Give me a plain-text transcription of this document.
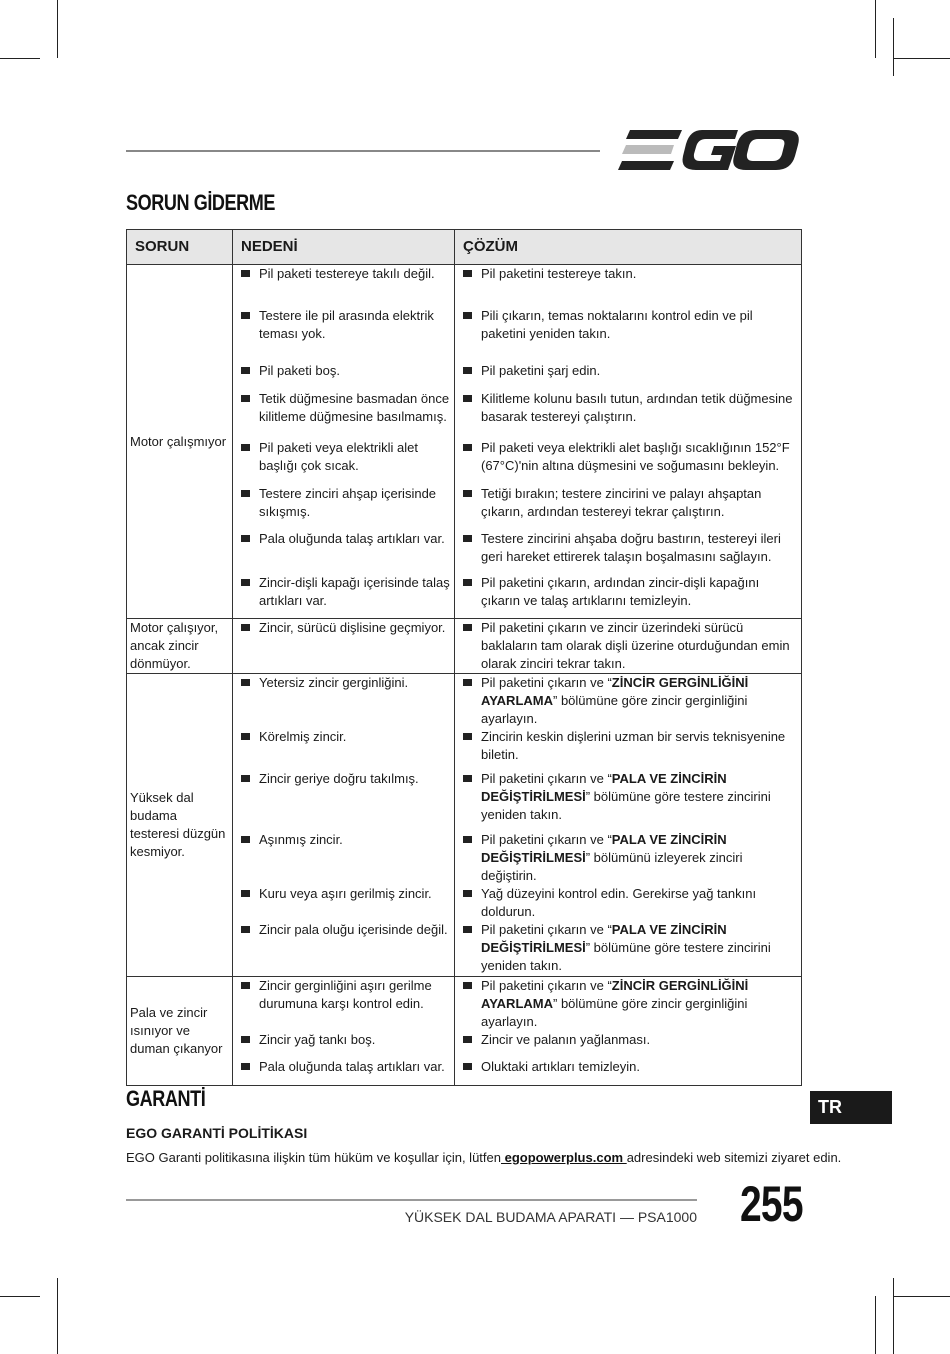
SORUN GİDERME
SORUN	NEDENİ	ÇÖZÜM
Motor çalışmıyor	Pil paketi testereye takılı değil.	Pil paketini testereye takın.

	Testere ile pil arasında elektrik teması yok.	Pili çıkarın, temas noktalarını kontrol edin ve pil paketini yeniden takın.

	Pil paketi boş.	Pil paketini şarj edin.

	Tetik düğmesine basmadan önce kilitleme düğmesine basılmamış.	Kilitleme kolunu basılı tutun, ardından tetik düğmesine basarak testereyi çalıştırın.

	Pil paketi veya elektrikli alet başlığı çok sıcak.	Pil paketi veya elektrikli alet başlığı sıcaklığının 152°F (67°C)'nin altına düşmesini ve soğumasını bekleyin.

	Testere zinciri ahşap içerisinde sıkışmış.	Tetiği bırakın; testere zincirini ve palayı ahşaptan çıkarın, ardından testereyi tekrar çalıştırın.

	Pala oluğunda talaş artıkları var.	Testere zincirini ahşaba doğru bastırın, testereyi ileri geri hareket ettirerek talaşın boşalmasını sağlayın.

	Zincir-dişli kapağı içerisinde talaş artıkları var.	Pil paketini çıkarın, ardından zincir-dişli kapağını çıkarın ve talaş artıklarını temizleyin.

Motor çalışıyor, ancak zincir dönmüyor.	Zincir, sürücü dişlisine geçmiyor.	Pil paketini çıkarın ve zincir üzerindeki sürücü baklaların tam olarak dişli üzerine oturduğundan emin olarak zinciri tekrar takın.

Yüksek dal budama testeresi düzgün kesmiyor.	Yetersiz zincir gerginliğini.	Pil paketini çıkarın ve “ZİNCİR GERGİNLİĞİNİ AYARLAMA” bölümüne göre zincir gerginliğini ayarlayın.

	Körelmiş zincir.	Zincirin keskin dişlerini uzman bir servis teknisyenine biletin.

	Zincir geriye doğru takılmış.	Pil paketini çıkarın ve “PALA VE ZİNCİRİN DEĞİŞTİRİLMESİ” bölümüne göre testere zincirini yeniden takın.

	Aşınmış zincir.	Pil paketini çıkarın ve “PALA VE ZİNCİRİN DEĞİŞTİRİLMESİ” bölümünü izleyerek zinciri değiştirin.

	Kuru veya aşırı gerilmiş zincir.	Yağ düzeyini kontrol edin. Gerekirse yağ tankını doldurun.

	Zincir pala oluğu içerisinde değil.	Pil paketini çıkarın ve “PALA VE ZİNCİRİN DEĞİŞTİRİLMESİ” bölümüne göre testere zincirini yeniden takın.

Pala ve zincir ısınıyor ve duman çıkanyor	Zincir gerginliğini aşırı gerilme durumuna karşı kontrol edin.	Pil paketini çıkarın ve “ZİNCİR GERGİNLİĞİNİ AYARLAMA” bölümüne göre zincir gerginliğini ayarlayın.

	Zincir yağ tankı boş.	Zincir ve palanın yağlanması.

	Pala oluğunda talaş artıkları var.	Oluktaki artıkları temizleyin.
GARANTİ
EGO GARANTİ POLİTİKASI
EGO Garanti politikasına ilişkin tüm hüküm ve koşullar için, lütfen egopowerplus.com adresindeki web sitemizi ziyaret edin.
TR
YÜKSEK DAL BUDAMA APARATI — PSA1000 255
